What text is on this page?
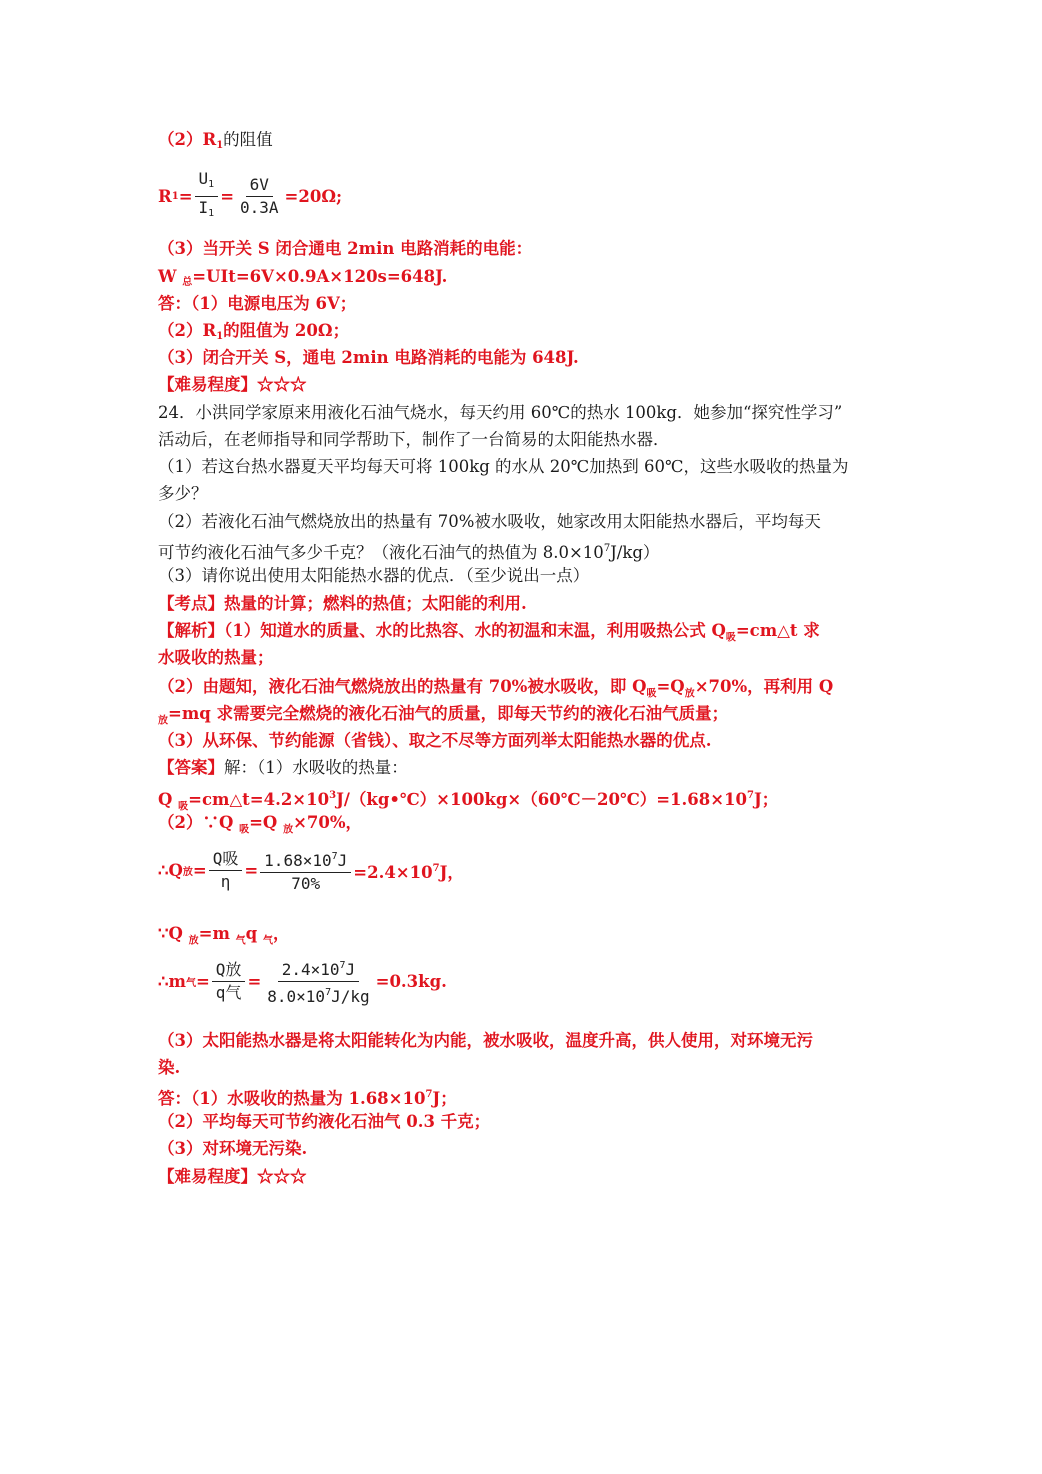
$(2)R_1$的阻值
R $1 = \frac{U_1}{I_1} = \frac{6V}{0.3A} =20\Omega$;
（3）当开关 S 闭合通电 2min 电路消耗的电能：
W $_总$=UIt=6V×0.9A×120s=648J.
答：（1）电源电压为 6V；
$(2)R_1$的阻值为 20Ω；
（3）闭合开关 S，通电 2min 电路消耗的电能为 648J.
【难易程度】☆☆☆
24．小洪同学家原来用液化石油气烧水，每天约用 60℃的热水 100kg．她参加“探究性学习”
活动后，在老师指导和同学帮助下，制作了一台简易的太阳能热水器．
（1）若这台热水器夏天平均每天可将 100kg 的水从 20℃加热到 60℃，这些水吸收的热量为
多少？
（2）若液化石油气燃烧放出的热量有 70%被水吸收，她家改用太阳能热水器后，平均每天
可节约液化石油气多少千克？（液化石油气的热值为 $8.0\times 10^7J/kg$）
（3）请你说出使用太阳能热水器的优点．（至少说出一点）
【考点】热量的计算；燃料的热值；太阳能的利用.
【解析】（1）知道水的质量、水的比热容、水的初温和末温，利用吸热公式 $Q_吸=cm\triangle t$ 求
水吸收的热量；
（2）由题知，液化石油气燃烧放出的热量有 70%被水吸收，即 $Q_吸=Q_放\times 70\%$，再利用 Q
$_放$=mq 求需要完全燃烧的液化石油气的质量，即每天节约的液化石油气质量；
（3）从环保、节约能源（省钱）、取之不尽等方面列举太阳能热水器的优点.
【答案】解：（1）水吸收的热量：
Q $_吸=cm\triangle t=4.2\times 10^3J/(kg•℃)\times 100kg\times(60℃-20℃)=1.68\times 10^7J$；
（2）∵Q $_吸$=Q $_放$×70%，
∴Q 放 = $\frac{\text{Q吸}}{\eta} = \frac{1.68\times 10^7J}{70\%} =2.4\times 10^7J$，
∵Q $_放$=m $_气$q $_气$，
∴m 气 = $\frac{\text{Q放}}{\text{q气}} = \frac{2.4\times 10^7J}{8.0\times 10^7J/kg} =0.3kg$.
（3）太阳能热水器是将太阳能转化为内能，被水吸收，温度升高，供人使用，对环境无污
染.
答：（1）水吸收的热量为 $1.68\times 10^7J$；
（2）平均每天可节约液化石油气 0.3 千克；
（3）对环境无污染.
【难易程度】☆☆☆
